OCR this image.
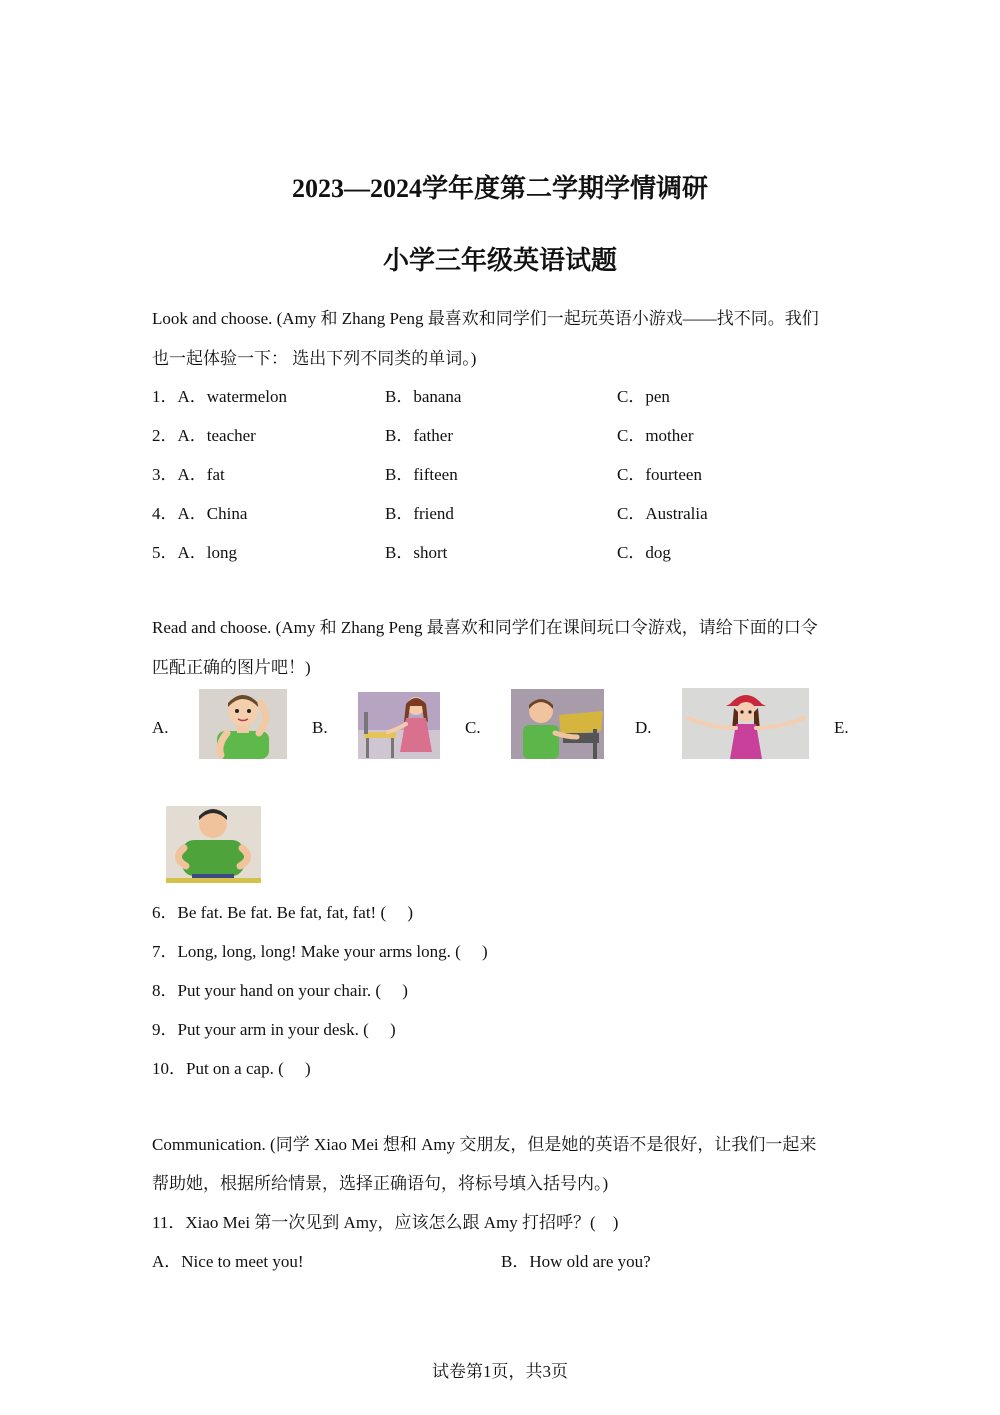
2023—2024学年度第二学期学情调研
小学三年级英语试题
Look and choose. (Amy 和 Zhang Peng 最喜欢和同学们一起玩英语小游戏——找不同。我们
也一起体验一下： 选出下列不同类的单词。)
1．A．watermelon	B．banana	C．pen
2．A．teacher	B．father	C．mother
3．A．fat	B．fifteen	C．fourteen
4．A．China	B．friend	C．Australia
5．A．long	B．short	C．dog
Read and choose. (Amy 和 Zhang Peng 最喜欢和同学们在课间玩口令游戏，请给下面的口令
匹配正确的图片吧！)
A.	B.	C.	D.	E.
6．Be fat. Be fat. Be fat, fat, fat! (　 )
7．Long, long, long! Make your arms long. (　 )
8．Put your hand on your chair. (　 )
9．Put your arm in your desk. (　 )
10．Put on a cap. (　 )
Communication. (同学 Xiao Mei 想和 Amy 交朋友，但是她的英语不是很好，让我们一起来
帮助她，根据所给情景，选择正确语句，将标号填入括号内。)
11．Xiao Mei 第一次见到 Amy，应该怎么跟 Amy 打招呼？(　)
A．Nice to meet you!	B．How old are you?
试卷第1页，共3页
